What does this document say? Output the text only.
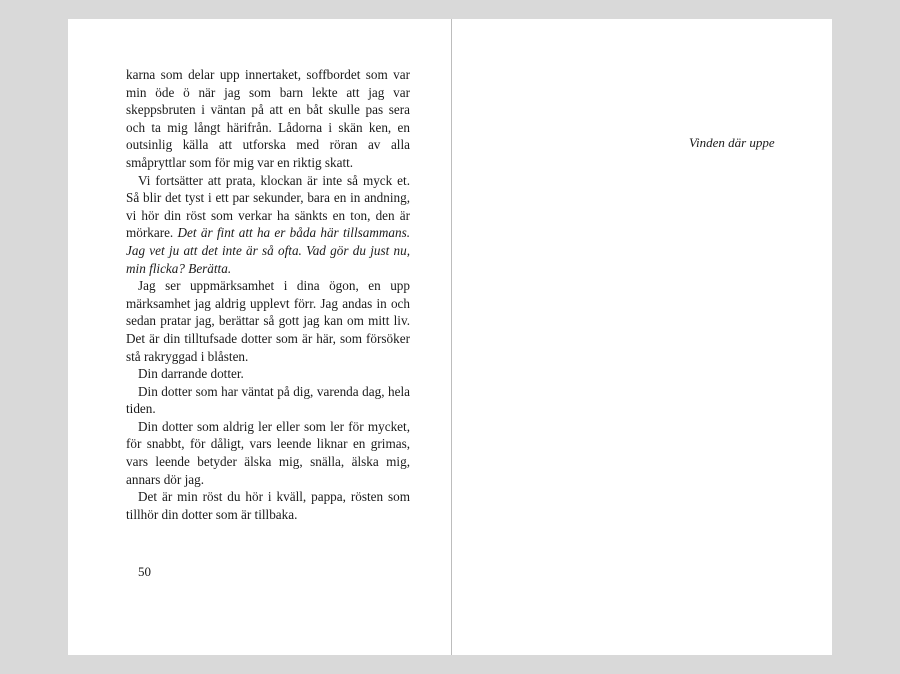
karna som delar upp innertaket, soffbordet som var min öde ö när jag som barn lekte att jag var skeppsbruten i väntan på att en båt skulle pas sera och ta mig långt härifrån. Lådorna i skän ken, en outsinlig källa att utforska med röran av alla småpryttlar som för mig var en riktig skatt.

Vi fortsätter att prata, klockan är inte så myck et. Så blir det tyst i ett par sekunder, bara en in andning, vi hör din röst som verkar ha sänkts en ton, den är mörkare. Det är fint att ha er båda här tillsammans. Jag vet ju att det inte är så ofta. Vad gör du just nu, min flicka? Berätta.

Jag ser uppmärksamhet i dina ögon, en upp märksamhet jag aldrig upplevt förr. Jag andas in och sedan pratar jag, berättar så gott jag kan om mitt liv. Det är din tilltufsade dotter som är här, som försöker stå rakryggad i blåsten.

Din darrande dotter.

Din dotter som har väntat på dig, varenda dag, hela tiden.

Din dotter som aldrig ler eller som ler för mycket, för snabbt, för dåligt, vars leende liknar en grimas, vars leende betyder älska mig, snälla, älska mig, annars dör jag.

Det är min röst du hör i kväll, pappa, rösten som tillhör din dotter som är tillbaka.

50
Vinden där uppe
